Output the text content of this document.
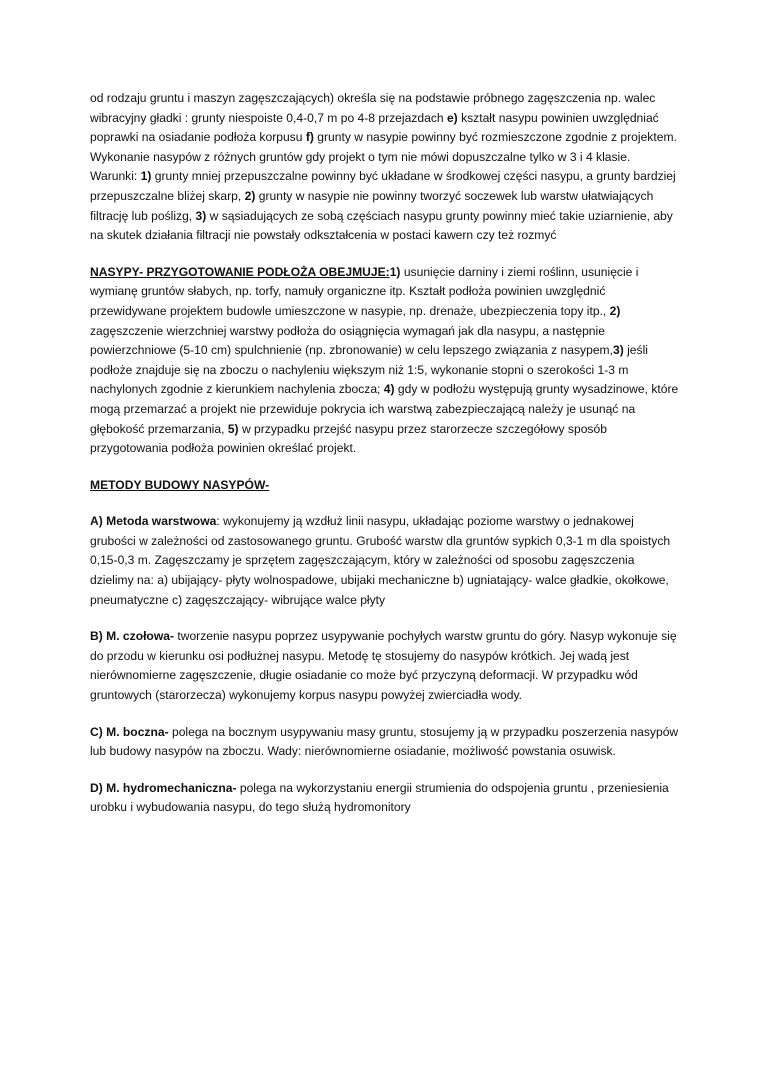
od rodzaju gruntu i maszyn zagęszczających) określa się na podstawie próbnego zagęszczenia np. walec wibracyjny gładki : grunty niespoiste 0,4-0,7 m po 4-8 przejazdach e) kształt nasypu powinien uwzględniać poprawki na osiadanie podłoża korpusu f) grunty w nasypie powinny być rozmieszczone zgodnie z projektem. Wykonanie nasypów z różnych gruntów gdy projekt o tym nie mówi dopuszczalne tylko w 3 i 4 klasie. Warunki: 1) grunty mniej przepuszczalne powinny być układane w środkowej części nasypu, a grunty bardziej przepuszczalne bliżej skarp, 2) grunty w nasypie nie powinny tworzyć soczewek lub warstw ułatwiających filtrację lub poślizg, 3) w sąsiadujących ze sobą częściach nasypu grunty powinny mieć takie uziarnienie, aby na skutek działania filtracji nie powstały odkształcenia w postaci kawern czy też rozmyć

NASYPY- PRZYGOTOWANIE PODŁOŻA OBEJMUJE:1) usunięcie darniny i ziemi roślinn, usunięcie i wymianę gruntów słabych, np. torfy, namuły organiczne itp. Kształt podłoża powinien uwzględnić przewidywane projektem budowle umieszczone w nasypie, np. drenaże, ubezpieczenia topy itp., 2) zagęszczenie wierzchniej warstwy podłoża do osiągnięcia wymagań jak dla nasypu, a następnie powierzchniowe (5-10 cm) spulchnienie (np. zbronowanie) w celu lepszego związania z nasypem,3) jeśli podłoże znajduje się na zboczu o nachyleniu większym niż 1:5, wykonanie stopni o szerokości 1-3 m nachylonych zgodnie z kierunkiem nachylenia zbocza; 4) gdy w podłożu występują grunty wysadzinowe, które mogą przemarzać a projekt nie przewiduje pokrycia ich warstwą zabezpieczającą należy je usunąć na głębokość przemarzania, 5) w przypadku przejść nasypu przez starorzecze szczegółowy sposób przygotowania podłoża powinien określać projekt.

METODY BUDOWY NASYPÓW-

A) Metoda warstwowa: wykonujemy ją wzdłuż linii nasypu, układając poziome warstwy o jednakowej grubości w zależności od zastosowanego gruntu. Grubość warstw dla gruntów sypkich 0,3-1 m dla spoistych 0,15-0,3 m. Zagęszczamy je sprzętem zagęszczającym, który w zależności od sposobu zagęszczenia dzielimy na: a) ubijający- płyty wolnospadowe, ubijaki mechaniczne b) ugniatający- walce gładkie, okołkowe, pneumatyczne c) zagęszczający- wibrujące walce płyty

B) M. czołowa- tworzenie nasypu poprzez usypywanie pochyłych warstw gruntu do góry. Nasyp wykonuje się do przodu w kierunku osi podłużnej nasypu. Metodę tę stosujemy do nasypów krótkich. Jej wadą jest nierównomierne zagęszczenie, długie osiadanie co może być przyczyną deformacji. W przypadku wód gruntowych (starorzecza) wykonujemy korpus nasypu powyżej zwierciadła wody.

C) M. boczna- polega na bocznym usypywaniu masy gruntu, stosujemy ją w przypadku poszerzenia nasypów lub budowy nasypów na zboczu. Wady: nierównomierne osiadanie, możliwość powstania osuwisk.

D) M. hydromechaniczna- polega na wykorzystaniu energii strumienia do odspojenia gruntu , przeniesienia urobku i wybudowania nasypu, do tego służą hydromonitory
